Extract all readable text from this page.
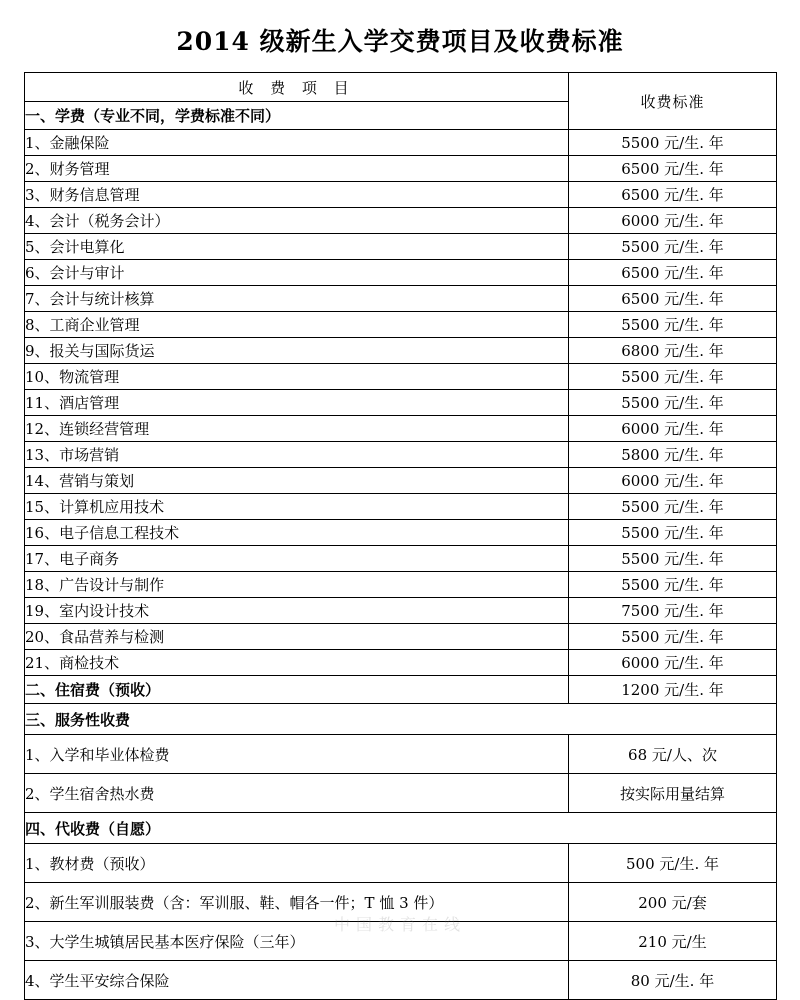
2014 级新生入学交费项目及收费标准
收 费 项 目	收费标准
一、学费（专业不同，学费标准不同）	
1、金融保险	5500 元/生. 年
2、财务管理	6500 元/生. 年
3、财务信息管理	6500 元/生. 年
4、会计（税务会计）	6000 元/生. 年
5、会计电算化	5500 元/生. 年
6、会计与审计	6500 元/生. 年
7、会计与统计核算	6500 元/生. 年
8、工商企业管理	5500 元/生. 年
9、报关与国际货运	6800 元/生. 年
10、物流管理	5500 元/生. 年
11、酒店管理	5500 元/生. 年
12、连锁经营管理	6000 元/生. 年
13、市场营销	5800 元/生. 年
14、营销与策划	6000 元/生. 年
15、计算机应用技术	5500 元/生. 年
16、电子信息工程技术	5500 元/生. 年
17、电子商务	5500 元/生. 年
18、广告设计与制作	5500 元/生. 年
19、室内设计技术	7500 元/生. 年
20、食品营养与检测	5500 元/生. 年
21、商检技术	6000 元/生. 年
二、住宿费（预收）	1200 元/生. 年
三、服务性收费	
1、入学和毕业体检费	68 元/人、次
2、学生宿舍热水费	按实际用量结算
四、代收费（自愿）	
1、教材费（预收）	500 元/生. 年
2、新生军训服装费（含：军训服、鞋、帽各一件；T 恤 3 件）	200 元/套
3、大学生城镇居民基本医疗保险（三年）	210 元/生
4、学生平安综合保险	80 元/生. 年
中国教育在线
